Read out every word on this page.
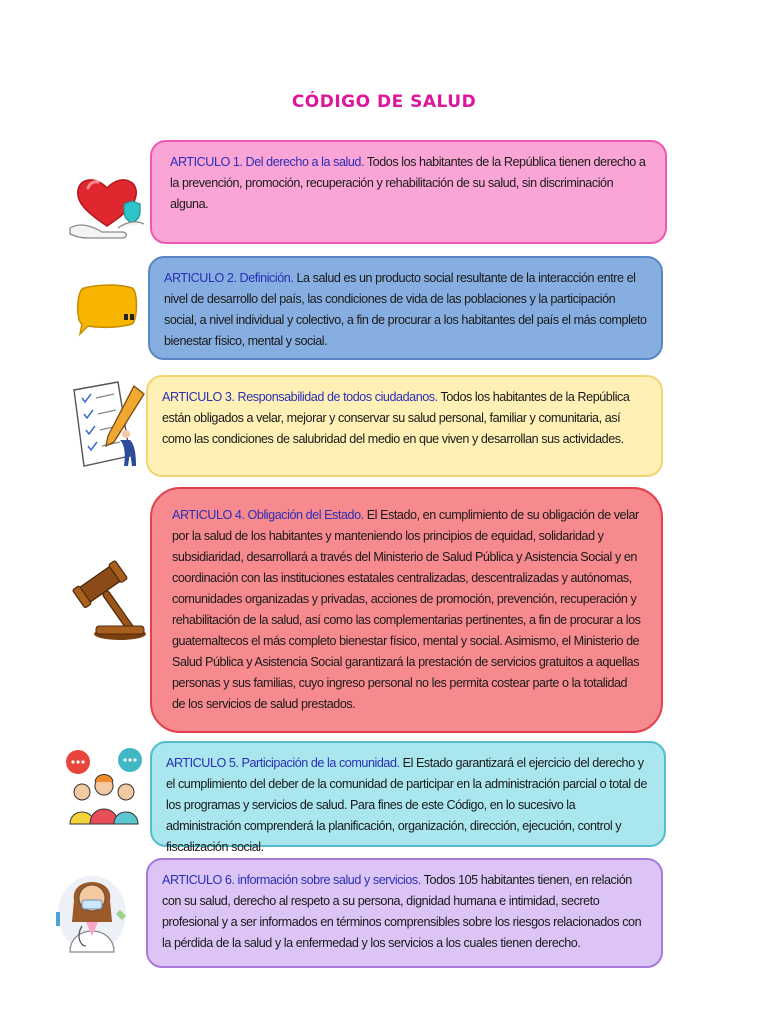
CÓDIGO DE SALUD
ARTICULO 1. Del derecho a la salud. Todos los habitantes de la República tienen derecho a la prevención, promoción, recuperación y rehabilitación de su salud, sin discriminación alguna.
ARTICULO 2. Definición. La salud es un producto social resultante de la interacción entre el nivel de desarrollo del país, las condiciones de vida de las poblaciones y la participación social, a nivel individual y colectivo, a fin de procurar a los habitantes del país el más completo bienestar físico, mental y social.
ARTICULO 3. Responsabilidad de todos ciudadanos. Todos los habitantes de la República están obligados a velar, mejorar y conservar su salud personal, familiar y comunitaria, así como las condiciones de salubridad del medio en que viven y desarrollan sus actividades.
ARTICULO 4. Obligación del Estado. El Estado, en cumplimiento de su obligación de velar por la salud de los habitantes y manteniendo los principios de equidad, solidaridad y subsidiaridad, desarrollará a través del Ministerio de Salud Pública y Asistencia Social y en coordinación con las instituciones estatales centralizadas, descentralizadas y autónomas, comunidades organizadas y privadas, acciones de promoción, prevención, recuperación y rehabilitación de la salud, así como las complementarias pertinentes, a fin de procurar a los guatemaltecos el más completo bienestar físico, mental y social. Asimismo, el Ministerio de Salud Pública y Asistencia Social garantizará la prestación de servicios gratuitos a aquellas personas y sus familias, cuyo ingreso personal no les permita costear parte o la totalidad de los servicios de salud prestados.
ARTICULO 5. Participación de la comunidad. El Estado garantizará el ejercicio del derecho y el cumplimiento del deber de la comunidad de participar en la administración parcial o total de los programas y servicios de salud. Para fines de este Código, en lo sucesivo la administración comprenderá la planificación, organización, dirección, ejecución, control y fiscalización social.
ARTICULO 6. información sobre salud y servicios. Todos 105 habitantes tienen, en relación con su salud, derecho al respeto a su persona, dignidad humana e intimidad, secreto profesional y a ser informados en términos comprensibles sobre los riesgos relacionados con la pérdida de la salud y la enfermedad y los servicios a los cuales tienen derecho.
